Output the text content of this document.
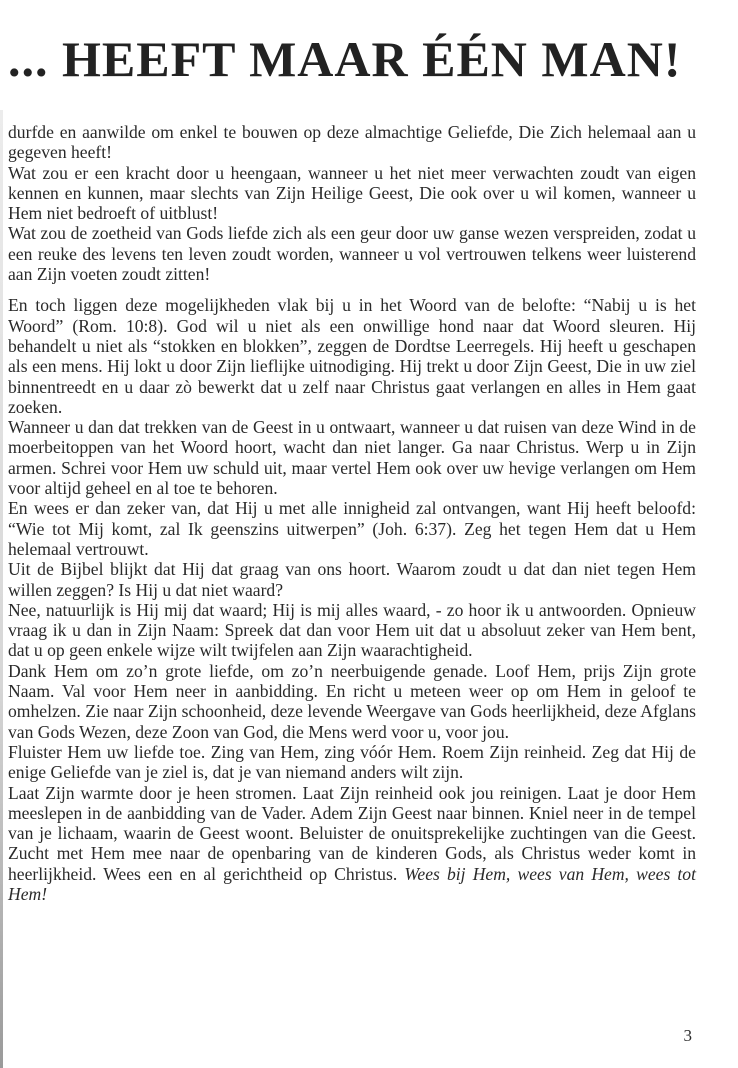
... HEEFT MAAR ÉÉN MAN!

durfde en aanwilde om enkel te bouwen op deze almachtige Geliefde, Die Zich helemaal aan u gegeven heeft!

Wat zou er een kracht door u heengaan, wanneer u het niet meer verwachten zoudt van eigen kennen en kunnen, maar slechts van Zijn Heilige Geest, Die ook over u wil komen, wanneer u Hem niet bedroeft of uitblust!

Wat zou de zoetheid van Gods liefde zich als een geur door uw ganse wezen verspreiden, zodat u een reuke des levens ten leven zoudt worden, wanneer u vol vertrouwen telkens weer luisterend aan Zijn voeten zoudt zitten!

En toch liggen deze mogelijkheden vlak bij u in het Woord van de belofte: “Nabij u is het Woord” (Rom. 10:8). God wil u niet als een onwillige hond naar dat Woord sleuren. Hij behandelt u niet als “stokken en blokken”, zeggen de Dordtse Leerregels. Hij heeft u geschapen als een mens. Hij lokt u door Zijn lieflijke uitnodiging. Hij trekt u door Zijn Geest, Die in uw ziel binnentreedt en u daar zò bewerkt dat u zelf naar Christus gaat verlangen en alles in Hem gaat zoeken.

Wanneer u dan dat trekken van de Geest in u ontwaart, wanneer u dat ruisen van deze Wind in de moerbeitoppen van het Woord hoort, wacht dan niet langer. Ga naar Christus. Werp u in Zijn armen. Schrei voor Hem uw schuld uit, maar vertel Hem ook over uw hevige verlangen om Hem voor altijd geheel en al toe te behoren.

En wees er dan zeker van, dat Hij u met alle innigheid zal ontvangen, want Hij heeft beloofd: “Wie tot Mij komt, zal Ik geenszins uitwerpen” (Joh. 6:37). Zeg het tegen Hem dat u Hem helemaal vertrouwt.

Uit de Bijbel blijkt dat Hij dat graag van ons hoort. Waarom zoudt u dat dan niet tegen Hem willen zeggen? Is Hij u dat niet waard?

Nee, natuurlijk is Hij mij dat waard; Hij is mij alles waard, - zo hoor ik u antwoorden. Opnieuw vraag ik u dan in Zijn Naam: Spreek dat dan voor Hem uit dat u absoluut zeker van Hem bent, dat u op geen enkele wijze wilt twijfelen aan Zijn waarachtigheid.

Dank Hem om zo’n grote liefde, om zo’n neerbuigende genade. Loof Hem, prijs Zijn grote Naam. Val voor Hem neer in aanbidding. En richt u meteen weer op om Hem in geloof te omhelzen. Zie naar Zijn schoonheid, deze levende Weergave van Gods heerlijkheid, deze Afglans van Gods Wezen, deze Zoon van God, die Mens werd voor u, voor jou.

Fluister Hem uw liefde toe. Zing van Hem, zing vóór Hem. Roem Zijn reinheid. Zeg dat Hij de enige Geliefde van je ziel is, dat je van niemand anders wilt zijn.

Laat Zijn warmte door je heen stromen. Laat Zijn reinheid ook jou reinigen. Laat je door Hem meeslepen in de aanbidding van de Vader. Adem Zijn Geest naar binnen. Kniel neer in de tempel van je lichaam, waarin de Geest woont. Beluister de onuitsprekelijke zuchtingen van die Geest. Zucht met Hem mee naar de openbaring van de kinderen Gods, als Christus weder komt in heerlijkheid. Wees een en al gerichtheid op Christus. Wees bij Hem, wees van Hem, wees tot Hem!

3
